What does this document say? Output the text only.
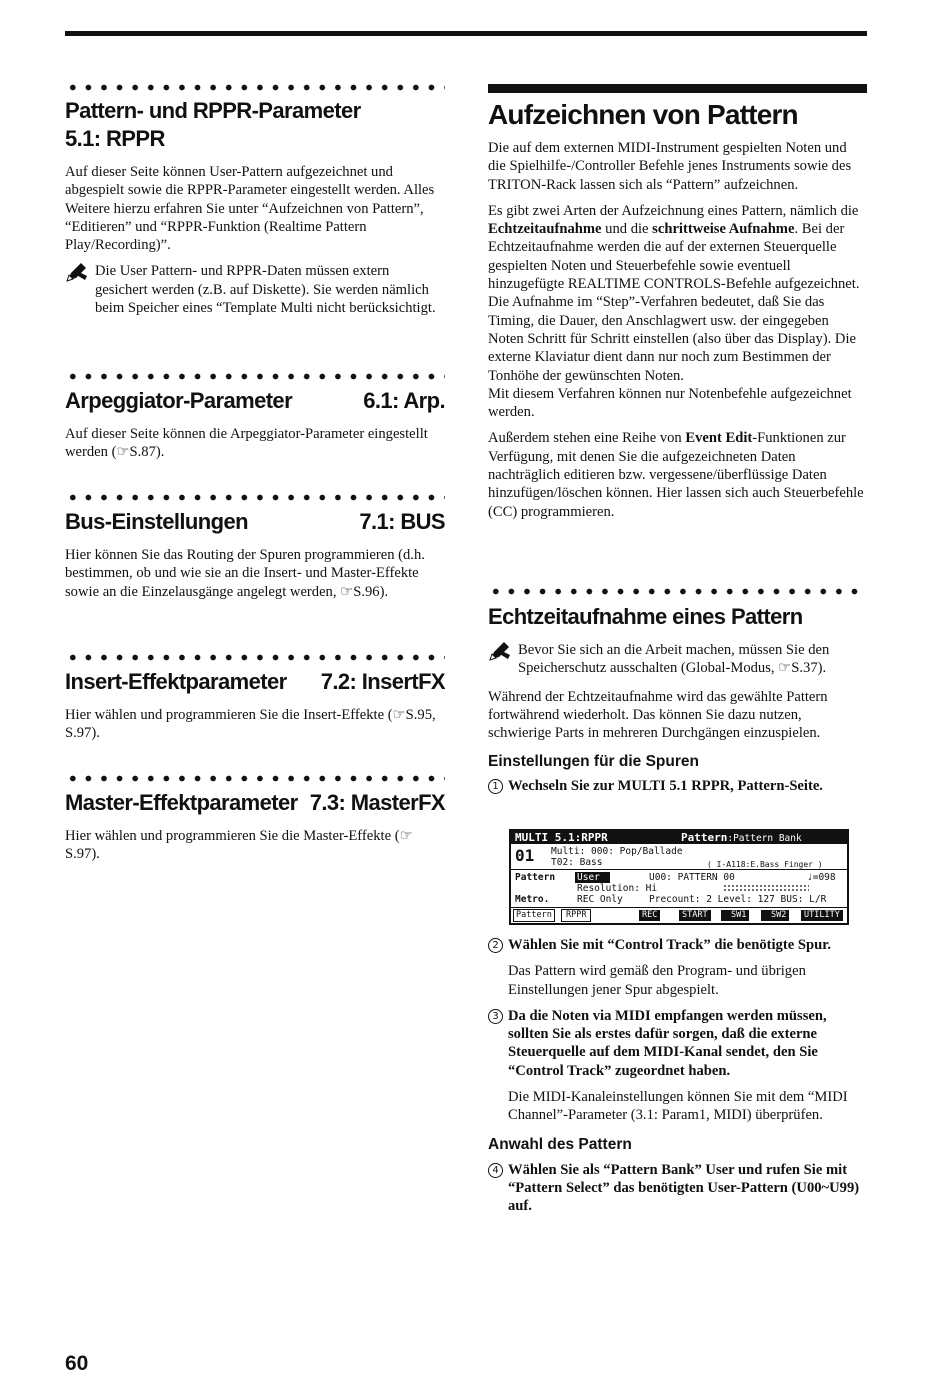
Pattern- und RPPR-Parameter
5.1: RPPR

Auf dieser Seite können User-Pattern aufgezeichnet und abgespielt sowie die RPPR-Parameter eingestellt werden. Alles Weitere hierzu erfahren Sie unter “Aufzeichnen von Pattern”, “Editieren” und “RPPR-Funktion (Realtime Pattern Play/Recording)”.

Die User Pattern- und RPPR-Daten müssen extern gesichert werden (z.B. auf Diskette). Sie werden nämlich beim Speicher eines “Template Multi nicht berücksichtigt.

Arpeggiator-Parameter	6.1: Arp.

Auf dieser Seite können die Arpeggiator-Parameter eingestellt werden (☞S.87).

Bus-Einstellungen	7.1: BUS

Hier können Sie das Routing der Spuren programmieren (d.h. bestimmen, ob und wie sie an die Insert- und Master-Effekte sowie an die Einzelausgänge angelegt werden, ☞S.96).

Insert-Effektparameter 7.2: InsertFX

Hier wählen und programmieren Sie die Insert-Effekte (☞S.95, S.97).

Master-Effektparameter 7.3: MasterFX

Hier wählen und programmieren Sie die Master-Effekte (☞S.97).

Aufzeichnen von Pattern

Die auf dem externen MIDI-Instrument gespielten Noten und die Spielhilfe-/Controller Befehle jenes Instruments sowie des TRITON-Rack lassen sich als “Pattern” aufzeichnen.

Es gibt zwei Arten der Aufzeichnung eines Pattern, nämlich die Echtzeitaufnahme und die schrittweise Aufnahme. Bei der Echtzeitaufnahme werden die auf der externen Steuerquelle gespielten Noten und Steuerbefehle sowie eventuell hinzugefügte REALTIME CONTROLS-Befehle aufgezeichnet.

Die Aufnahme im “Step”-Verfahren bedeutet, daß Sie das Timing, die Dauer, den Anschlagwert usw. der eingegeben Noten Schritt für Schritt einstellen (also über das Display). Die externe Klaviatur dient dann nur noch zum Bestimmen der Tonhöhe der gewünschten Noten.

Mit diesem Verfahren können nur Notenbefehle aufgezeichnet werden.

Außerdem stehen eine Reihe von Event Edit-Funktionen zur Verfügung, mit denen Sie die aufgezeichneten Daten nachträglich editieren bzw. vergessene/überflüssige Daten hinzufügen/löschen können. Hier lassen sich auch Steuerbefehle (CC) programmieren.

Echtzeitaufnahme eines Pattern

Bevor Sie sich an die Arbeit machen, müssen Sie den Speicherschutz ausschalten (Global-Modus, ☞S.37).

Während der Echtzeitaufnahme wird das gewählte Pattern fortwährend wiederholt. Das können Sie dazu nutzen, schwierige Parts in mehreren Durchgängen einzuspielen.

Einstellungen für die Spuren
1 Wechseln Sie zur MULTI 5.1 RPPR, Pattern-Seite.

2 Wählen Sie mit “Control Track” die benötigte Spur.

Das Pattern wird gemäß den Program- und übrigen Einstellungen jener Spur abgespielt.

3 Da die Noten via MIDI empfangen werden müssen, sollten Sie als erstes dafür sorgen, daß die externe Steuerquelle auf dem MIDI-Kanal sendet, den Sie “Control Track” zugeordnet haben.

Die MIDI-Kanaleinstellungen können Sie mit dem “MIDI Channel”-Parameter (3.1: Param1, MIDI) überprüfen.

Anwahl des Pattern
4 Wählen Sie als “Pattern Bank” User und rufen Sie mit “Pattern Select” das benötigten User-Pattern (U00~U99) auf.

MULTI 5.1:RPPR	Pattern:Pattern Bank
01 Multi: 000: Pop/Ballade
T02: Bass	( I-A118:E.Bass Finger )
Pattern User	U00: PATTERN 00	♩=098
Resolution: Hi
Metro.	REC Only	Precount: 2 Level: 127 BUS: L/R
Pattern	RPPR	REC	START	SW1	SW2	UTILITY
60
